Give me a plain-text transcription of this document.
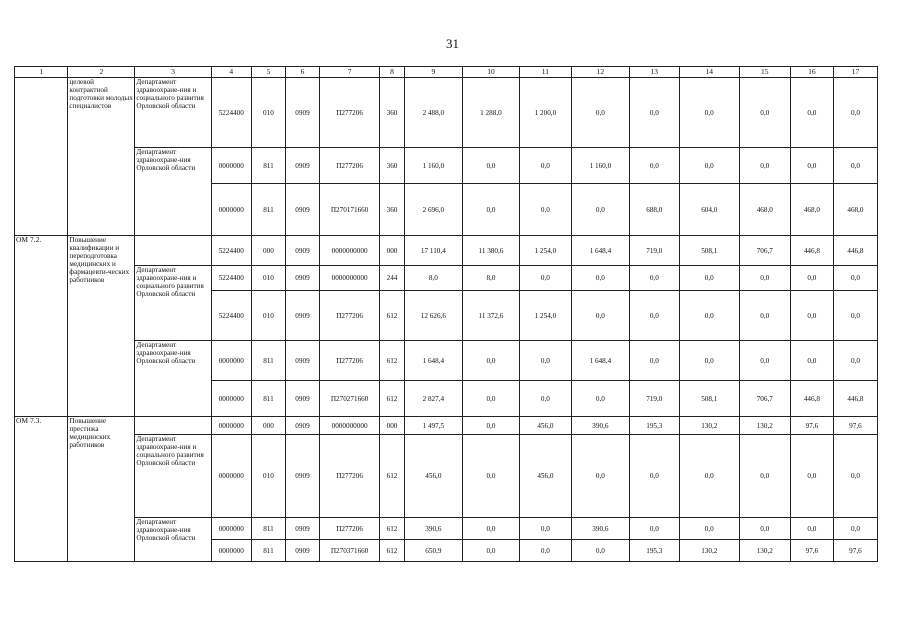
31
1	2	3	4	5	6	7	8	9	10	11	12	13	14	15	16	17
	целевой контрактной подготовки молодых специалистов	Департамент здравоохране-ния и социального развития Орловской области	5224400	010	0909	П277206	360	2 488,0	1 288,0	1 200,0	0,0	0,0	0,0	0,0	0,0	0,0
		Департамент здравоохране-ния Орловской области	0000000	811	0909	П277206	360	1 160,0	0,0	0,0	1 160,0	0,0	0,0	0,0	0,0	0,0
			0000000	811	0909	П270171660	360	2 696,0	0,0	0,0	0,0	688,0	604,0	468,0	468,0	468,0
ОМ 7.2.	Повышение квалификации и переподготовка медицинских и фармацевти-ческих работников		5224400	000	0909	0000000000	000	17 110,4	11 380,6	1 254,0	1 648,4	719,0	508,1	706,7	446,8	446,8
		Департамент здравоохране-ния и социального развития Орловской области	5224400	010	0909	0000000000	244	8,0	8,0	0,0	0,0	0,0	0,0	0,0	0,0	0,0
			5224400	010	0909	П277206	612	12 626,6	11 372,6	1 254,0	0,0	0,0	0,0	0,0	0,0	0,0
		Департамент здравоохране-ния Орловской области	0000000	811	0909	П277206	612	1 648,4	0,0	0,0	1 648,4	0,0	0,0	0,0	0,0	0,0
			0000000	811	0909	П270271660	612	2 827,4	0,0	0,0	0,0	719,0	508,1	706,7	446,8	446,8
ОМ 7.3.	Повышение престижа медицинских работников		0000000	000	0909	0000000000	000	1 497,5	0,0	456,0	390,6	195,3	130,2	130,2	97,6	97,6
		Департамент здравоохране-ния и социального развития Орловской области	0000000	010	0909	П277206	612	456,0	0,0	456,0	0,0	0,0	0,0	0,0	0,0	0,0
		Департамент здравоохране-ния Орловской области	0000000	811	0909	П277206	612	390,6	0,0	0,0	390,6	0,0	0,0	0,0	0,0	0,0
			0000000	811	0909	П270371660	612	650,9	0,0	0,0	0,0	195,3	130,2	130,2	97,6	97,6
